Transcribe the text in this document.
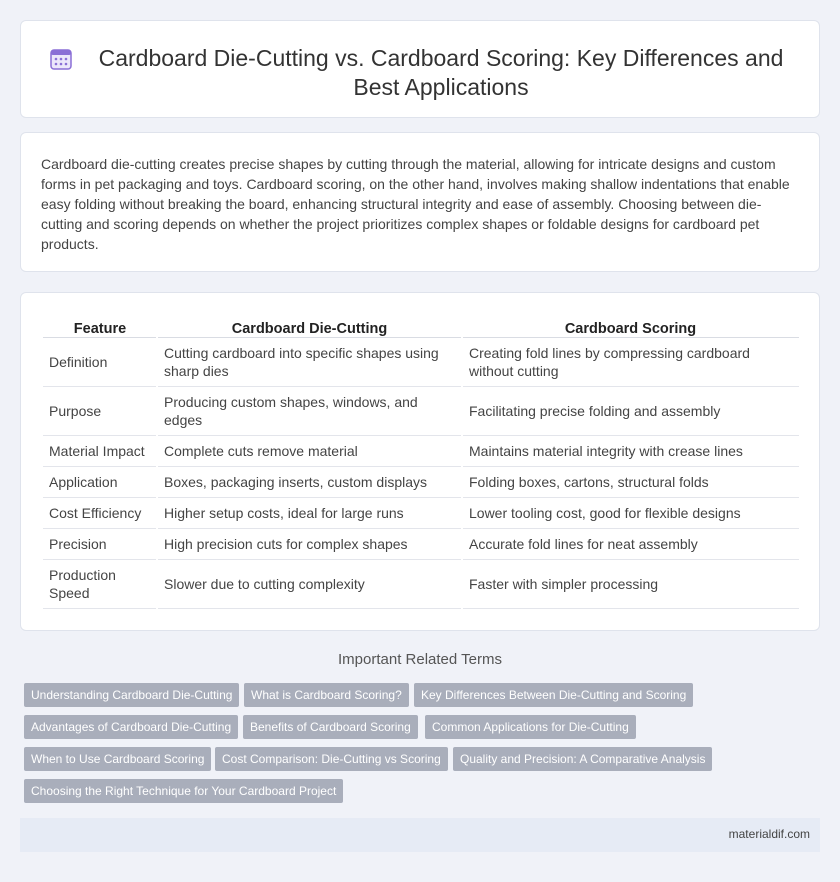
Cardboard Die-Cutting vs. Cardboard Scoring: Key Differences and Best Applications

Cardboard die-cutting creates precise shapes by cutting through the material, allowing for intricate designs and custom forms in pet packaging and toys. Cardboard scoring, on the other hand, involves making shallow indentations that enable easy folding without breaking the board, enhancing structural integrity and ease of assembly. Choosing between die-cutting and scoring depends on whether the project prioritizes complex shapes or foldable designs for cardboard pet products.

Feature	Cardboard Die-Cutting	Cardboard Scoring
Definition	Cutting cardboard into specific shapes using sharp dies	Creating fold lines by compressing cardboard without cutting
Purpose	Producing custom shapes, windows, and edges	Facilitating precise folding and assembly
Material Impact	Complete cuts remove material	Maintains material integrity with crease lines
Application	Boxes, packaging inserts, custom displays	Folding boxes, cartons, structural folds
Cost Efficiency	Higher setup costs, ideal for large runs	Lower tooling cost, good for flexible designs
Precision	High precision cuts for complex shapes	Accurate fold lines for neat assembly
Production Speed	Slower due to cutting complexity	Faster with simpler processing
Important Related Terms
Understanding Cardboard Die-Cutting	What is Cardboard Scoring?	Key Differences Between Die-Cutting and Scoring
Advantages of Cardboard Die-Cutting	Benefits of Cardboard Scoring	Common Applications for Die-Cutting
When to Use Cardboard Scoring	Cost Comparison: Die-Cutting vs Scoring	Quality and Precision: A Comparative Analysis
Choosing the Right Technique for Your Cardboard Project
materialdif.com
